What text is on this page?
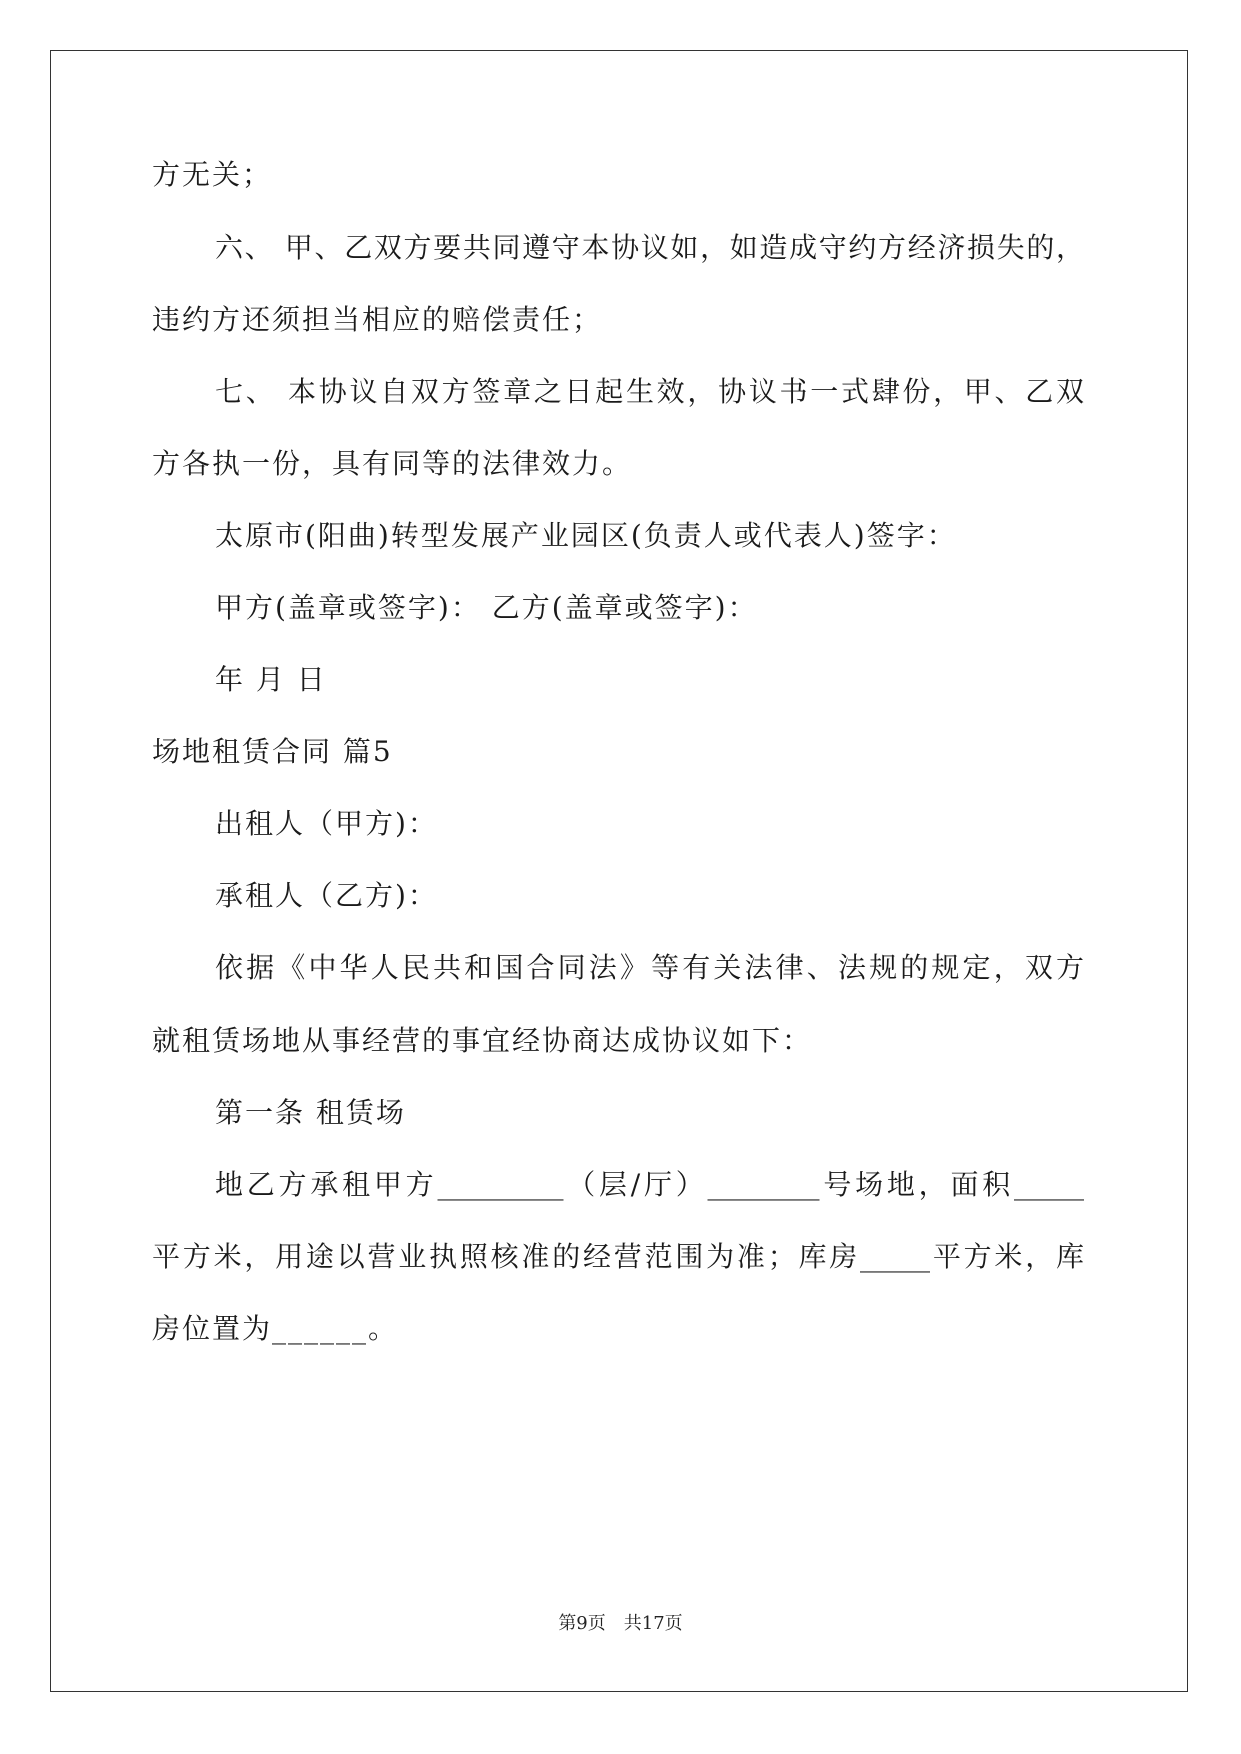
方无关；
六、 甲、乙双方要共同遵守本协议如，如造成守约方经济损失的，
违约方还须担当相应的赔偿责任；
七、 本协议自双方签章之日起生效，协议书一式肆份，甲、乙双
方各执一份，具有同等的法律效力。
太原市(阳曲)转型发展产业园区(负责人或代表人)签字：
甲方(盖章或签字)： 乙方(盖章或签字)：
年 月 日
场地租赁合同 篇5
出租人（甲方)：
承租人（乙方)：
依据《中华人民共和国合同法》等有关法律、法规的规定，双方
就租赁场地从事经营的事宜经协商达成协议如下：
第一条 租赁场
地乙方承租甲方_________（层/厅）________号场地，面积_____
平方米，用途以营业执照核准的经营范围为准；库房_____平方米，库
房位置为______。
第9页　共17页
